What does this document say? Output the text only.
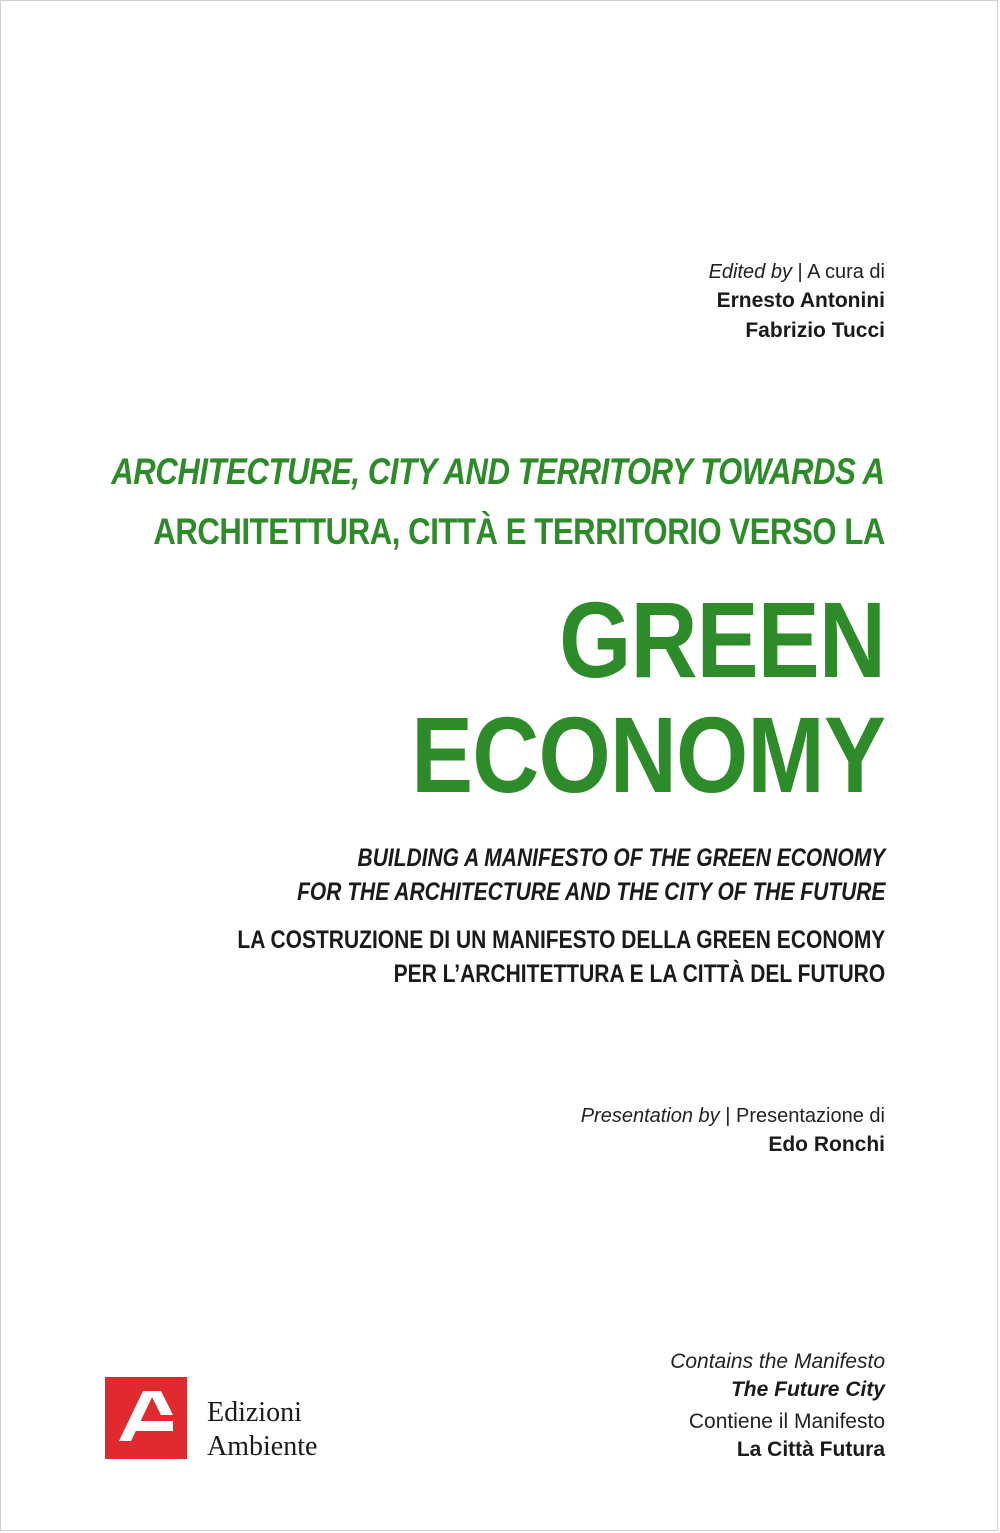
Edited by | A cura di
Ernesto Antonini
Fabrizio Tucci
ARCHITECTURE, CITY AND TERRITORY TOWARDS A
ARCHITETTURA, CITTÀ E TERRITORIO VERSO LA
GREEN
ECONOMY
BUILDING A MANIFESTO OF THE GREEN ECONOMY
FOR THE ARCHITECTURE AND THE CITY OF THE FUTURE
LA COSTRUZIONE DI UN MANIFESTO DELLA GREEN ECONOMY
PER L’ARCHITETTURA E LA CITTÀ DEL FUTURO
Presentation by | Presentazione di
Edo Ronchi
Contains the Manifesto
The Future City
Contiene il Manifesto
La Città Futura
Edizioni
Ambiente
